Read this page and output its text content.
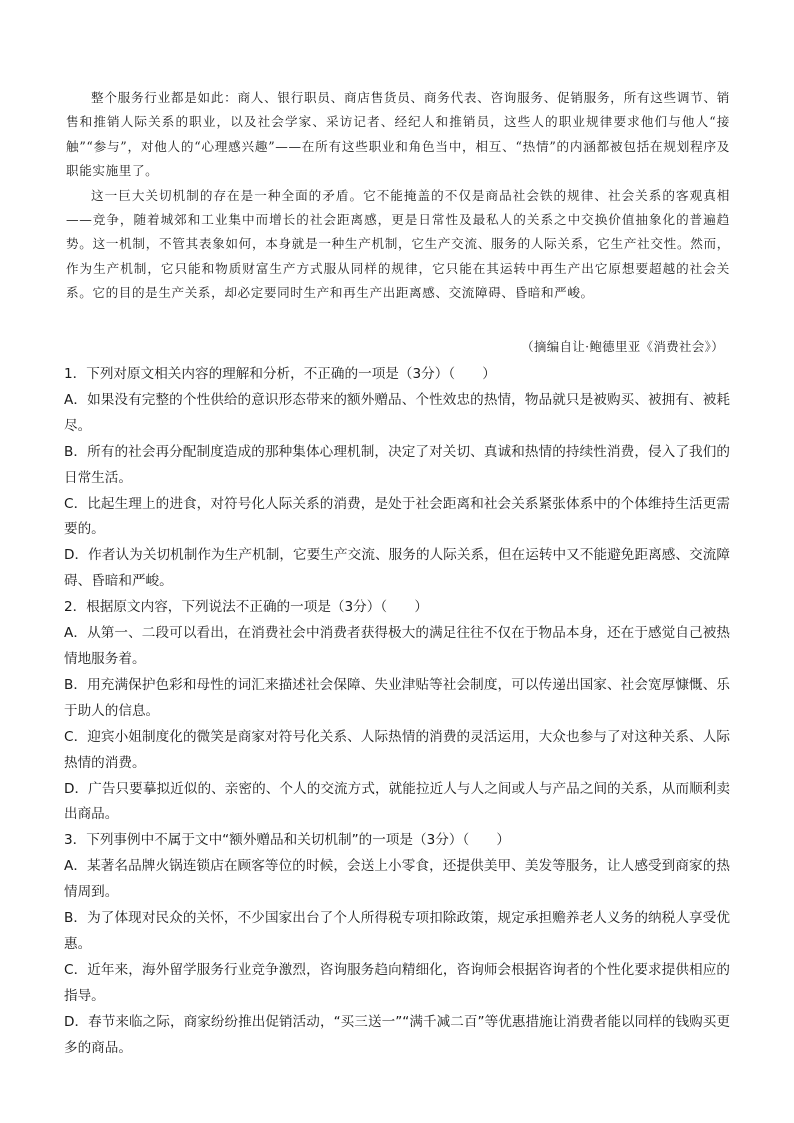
整个服务行业都是如此：商人、银行职员、商店售货员、商务代表、咨询服务、促销服务，所有这些调节、销售和推销人际关系的职业，以及社会学家、采访记者、经纪人和推销员，这些人的职业规律要求他们与他人“接触”“参与”，对他人的“心理感兴趣”——在所有这些职业和角色当中，相互、“热情”的内涵都被包括在规划程序及职能实施里了。

这一巨大关切机制的存在是一种全面的矛盾。它不能掩盖的不仅是商品社会铁的规律、社会关系的客观真相——竞争，随着城郊和工业集中而增长的社会距离感，更是日常性及最私人的关系之中交换价值抽象化的普遍趋势。这一机制，不管其表象如何，本身就是一种生产机制，它生产交流、服务的人际关系，它生产社交性。然而，作为生产机制，它只能和物质财富生产方式服从同样的规律，它只能在其运转中再生产出它原想要超越的社会关系。它的目的是生产关系，却必定要同时生产和再生产出距离感、交流障碍、昏暗和严峻。

（摘编自让·鲍德里亚《消费社会》）

1．下列对原文相关内容的理解和分析，不正确的一项是（3分）（　　）

A．如果没有完整的个性供给的意识形态带来的额外赠品、个性效忠的热情，物品就只是被购买、被拥有、被耗尽。

B．所有的社会再分配制度造成的那种集体心理机制，决定了对关切、真诚和热情的持续性消费，侵入了我们的日常生活。

C．比起生理上的进食，对符号化人际关系的消费，是处于社会距离和社会关系紧张体系中的个体维持生活更需要的。

D．作者认为关切机制作为生产机制，它要生产交流、服务的人际关系，但在运转中又不能避免距离感、交流障碍、昏暗和严峻。

2．根据原文内容，下列说法不正确的一项是（3分）（　　）

A．从第一、二段可以看出，在消费社会中消费者获得极大的满足往往不仅在于物品本身，还在于感觉自己被热情地服务着。

B．用充满保护色彩和母性的词汇来描述社会保障、失业津贴等社会制度，可以传递出国家、社会宽厚慷慨、乐于助人的信息。

C．迎宾小姐制度化的微笑是商家对符号化关系、人际热情的消费的灵活运用，大众也参与了对这种关系、人际热情的消费。

D．广告只要摹拟近似的、亲密的、个人的交流方式，就能拉近人与人之间或人与产品之间的关系，从而顺利卖出商品。

3．下列事例中不属于文中“额外赠品和关切机制”的一项是（3分）（　　）

A．某著名品牌火锅连锁店在顾客等位的时候，会送上小零食，还提供美甲、美发等服务，让人感受到商家的热情周到。

B．为了体现对民众的关怀，不少国家出台了个人所得税专项扣除政策，规定承担赡养老人义务的纳税人享受优惠。

C．近年来，海外留学服务行业竞争激烈，咨询服务趋向精细化，咨询师会根据咨询者的个性化要求提供相应的指导。

D．春节来临之际，商家纷纷推出促销活动，“买三送一”“满千减二百”等优惠措施让消费者能以同样的钱购买更多的商品。
